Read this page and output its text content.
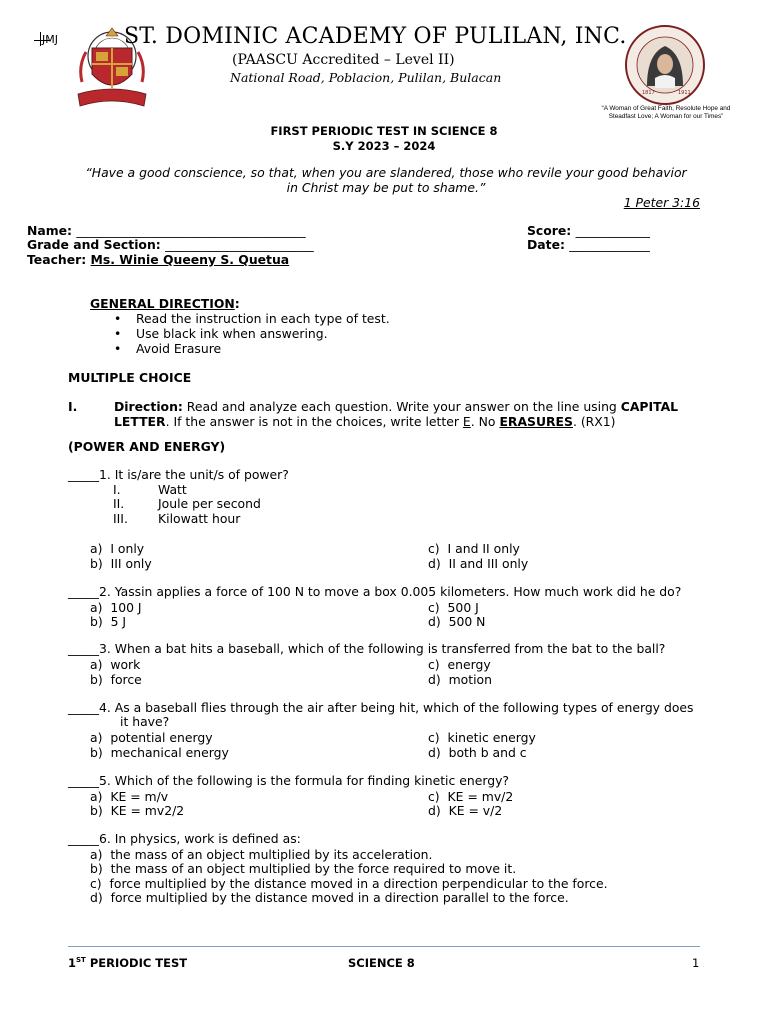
JMJ	ST. DOMINIC ACADEMY OF PULILAN, INC.
(PAASCU Accredited – Level II)
National Road, Poblacion, Pulilan, Bulacan
1817	1911
“A Woman of Great Faith, Resolute Hope and Steadfast Love; A Woman for our Times”
FIRST PERIODIC TEST IN SCIENCE 8
S.Y 2023 – 2024
“Have a good conscience, so that, when you are slandered, those who revile your good behavior in Christ may be put to shame.”
1 Peter 3:16
Name: _____________________________________
Grade and Section: ________________________
Teacher: Ms. Winie Queeny S. Quetua
Score: ____________
Date: _____________
GENERAL DIRECTION:
• Read the instruction in each type of test.
• Use black ink when answering.
• Avoid Erasure
MULTIPLE CHOICE
I.	Direction: Read and analyze each question. Write your answer on the line using CAPITAL LETTER. If the answer is not in the choices, write letter E. No ERASURES. (RX1)
(POWER AND ENERGY)
_____1. It is/are the unit/s of power?
I.	Watt
II.	Joule per second
III. Kilowatt hour
a) I only
b) III only
c) I and II only
d) II and III only
_____2. Yassin applies a force of 100 N to move a box 0.005 kilometers. How much work did he do?
a) 100 J
b) 5 J
c) 500 J
d) 500 N
_____3. When a bat hits a baseball, which of the following is transferred from the bat to the ball?
a) work
b) force
c) energy
d) motion
_____4. As a baseball flies through the air after being hit, which of the following types of energy does
it have?
a) potential energy
b) mechanical energy
c) kinetic energy
d) both b and c
_____5. Which of the following is the formula for finding kinetic energy?
a) KE = m/v
b) KE = mv2/2
c) KE = mv/2
d) KE = v/2
_____6. In physics, work is defined as:
a) the mass of an object multiplied by its acceleration.
b) the mass of an object multiplied by the force required to move it.
c) force multiplied by the distance moved in a direction perpendicular to the force.
d) force multiplied by the distance moved in a direction parallel to the force.
1ST PERIODIC TEST	SCIENCE 8	1
